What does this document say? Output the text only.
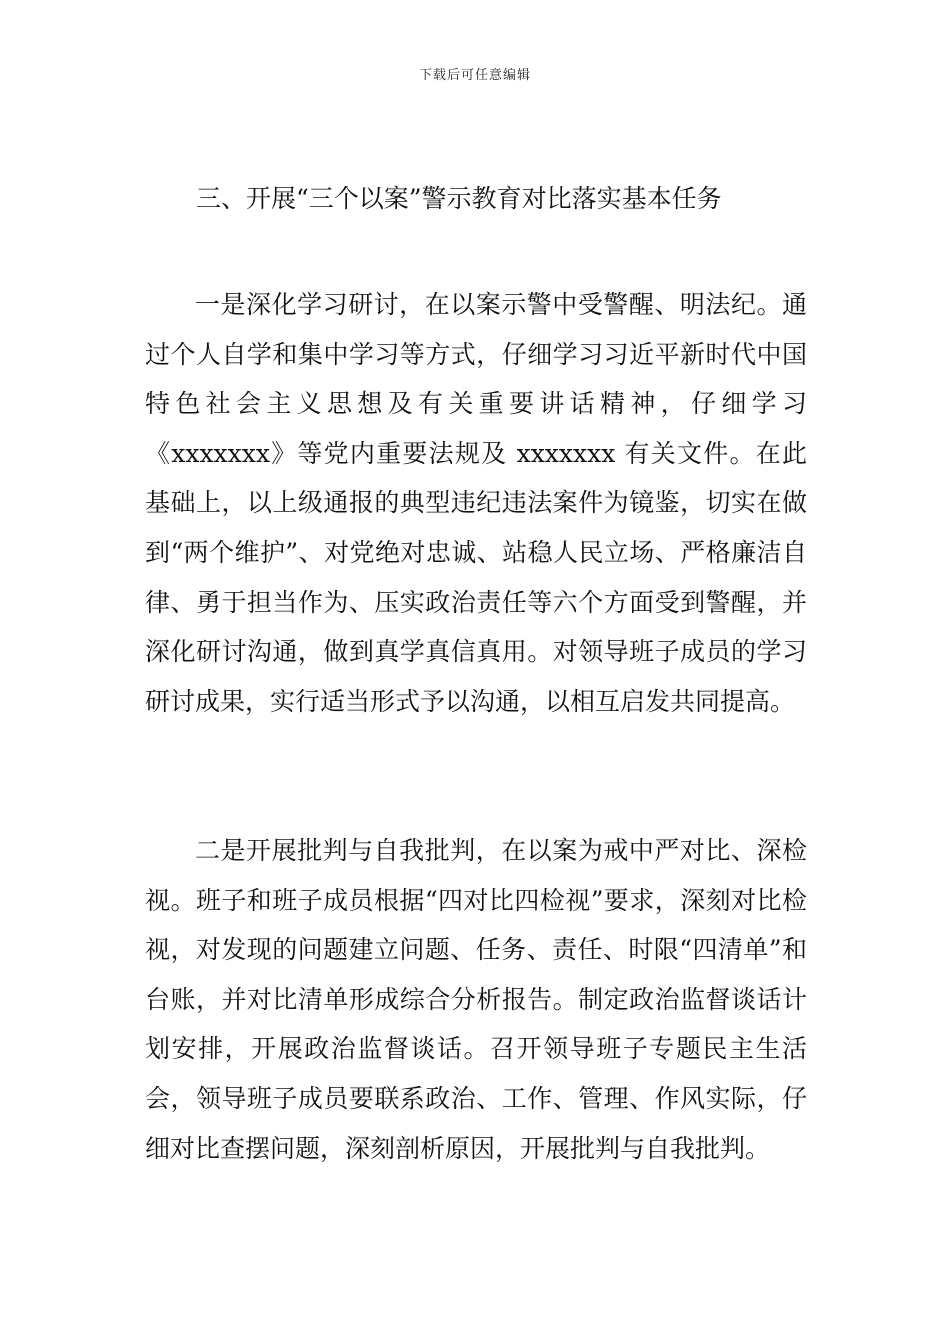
下载后可任意编辑
三、开展“三个以案”警示教育对比落实基本任务

一是深化学习研讨，在以案示警中受警醒、明法纪。通过个人自学和集中学习等方式，仔细学习习近平新时代中国特色社会主义思想及有关重要讲话精神，仔细学习《xxxxxxx》等党内重要法规及 xxxxxxx 有关文件。在此基础上，以上级通报的典型违纪违法案件为镜鉴，切实在做到“两个维护”、对党绝对忠诚、站稳人民立场、严格廉洁自律、勇于担当作为、压实政治责任等六个方面受到警醒，并深化研讨沟通，做到真学真信真用。对领导班子成员的学习研讨成果，实行适当形式予以沟通，以相互启发共同提高。

二是开展批判与自我批判，在以案为戒中严对比、深检视。班子和班子成员根据“四对比四检视”要求，深刻对比检视，对发现的问题建立问题、任务、责任、时限“四清单”和台账，并对比清单形成综合分析报告。制定政治监督谈话计划安排，开展政治监督谈话。召开领导班子专题民主生活会，领导班子成员要联系政治、工作、管理、作风实际，仔细对比查摆问题，深刻剖析原因，开展批判与自我批判。
